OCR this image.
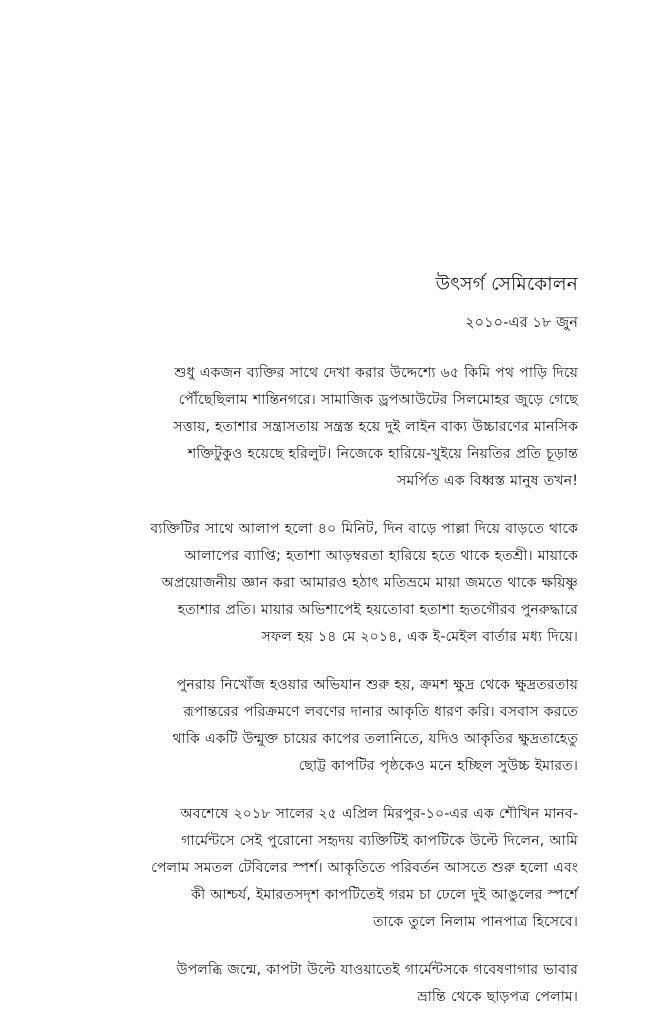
উৎসর্গ সেমিকোলন

২০১০-এর ১৮ জুন

শুধু একজন ব্যক্তির সাথে দেখা করার উদ্দেশ্যে ৬৫ কিমি পথ পাড়ি দিয়ে
পৌঁছেছিলাম শান্তিনগরে। সামাজিক ড্রপআউটের সিলমোহর জুড়ে গেছে
সত্তায়, হতাশার সন্ত্রাসতায় সন্ত্রস্ত হয়ে দুই লাইন বাক্য উচ্চারণের মানসিক
শক্তিটুকুও হয়েছে হরিলুট। নিজেকে হারিয়ে-খুইয়ে নিয়তির প্রতি চূড়ান্ত
সমর্পিত এক বিধ্বস্ত মানুষ তখন!

ব্যক্তিটির সাথে আলাপ হলো ৪০ মিনিট, দিন বাড়ে পাল্লা দিয়ে বাড়তে থাকে
আলাপের ব্যাপ্তি; হতাশা আড়ম্বরতা হারিয়ে হতে থাকে হতশ্রী। মায়াকে
অপ্রয়োজনীয় জ্ঞান করা আমারও হঠাৎ মতিভ্রমে মায়া জমতে থাকে ক্ষয়িষ্ণু
হতাশার প্রতি। মায়ার অভিশাপেই হয়তোবা হতাশা হৃতগৌরব পুনরুদ্ধারে
সফল হয় ১৪ মে ২০১৪, এক ই-মেইল বার্তার মধ্য দিয়ে।

পুনরায় নিখোঁজ হওয়ার অভিযান শুরু হয়, ক্রমশ ক্ষুদ্র থেকে ক্ষুদ্রতরতায়
রূপান্তরের পরিক্রমণে লবণের দানার আকৃতি ধারণ করি। বসবাস করতে
থাকি একটি উন্মুক্ত চায়ের কাপের তলানিতে, যদিও আকৃতির ক্ষুদ্রতাহেতু
ছোট্ট কাপটির পৃষ্ঠকেও মনে হচ্ছিল সুউচ্চ ইমারত।

অবশেষে ২০১৮ সালের ২৫ এপ্রিল মিরপুর-১০-এর এক শৌখিন মানব-
গার্মেন্টসে সেই পুরোনো সহৃদয় ব্যক্তিটিই কাপটিকে উল্টে দিলেন, আমি
পেলাম সমতল টেবিলের স্পর্শ। আকৃতিতে পরিবর্তন আসতে শুরু হলো এবং
কী আশ্চর্য, ইমারতসদৃশ কাপটিতেই গরম চা ঢেলে দুই আঙুলের স্পর্শে
তাকে তুলে নিলাম পানপাত্র হিসেবে।

উপলব্ধি জন্মে, কাপটা উল্টে যাওয়াতেই গার্মেন্টসকে গবেষণাগার ভাবার
ভ্রান্তি থেকে ছাড়পত্র পেলাম।
